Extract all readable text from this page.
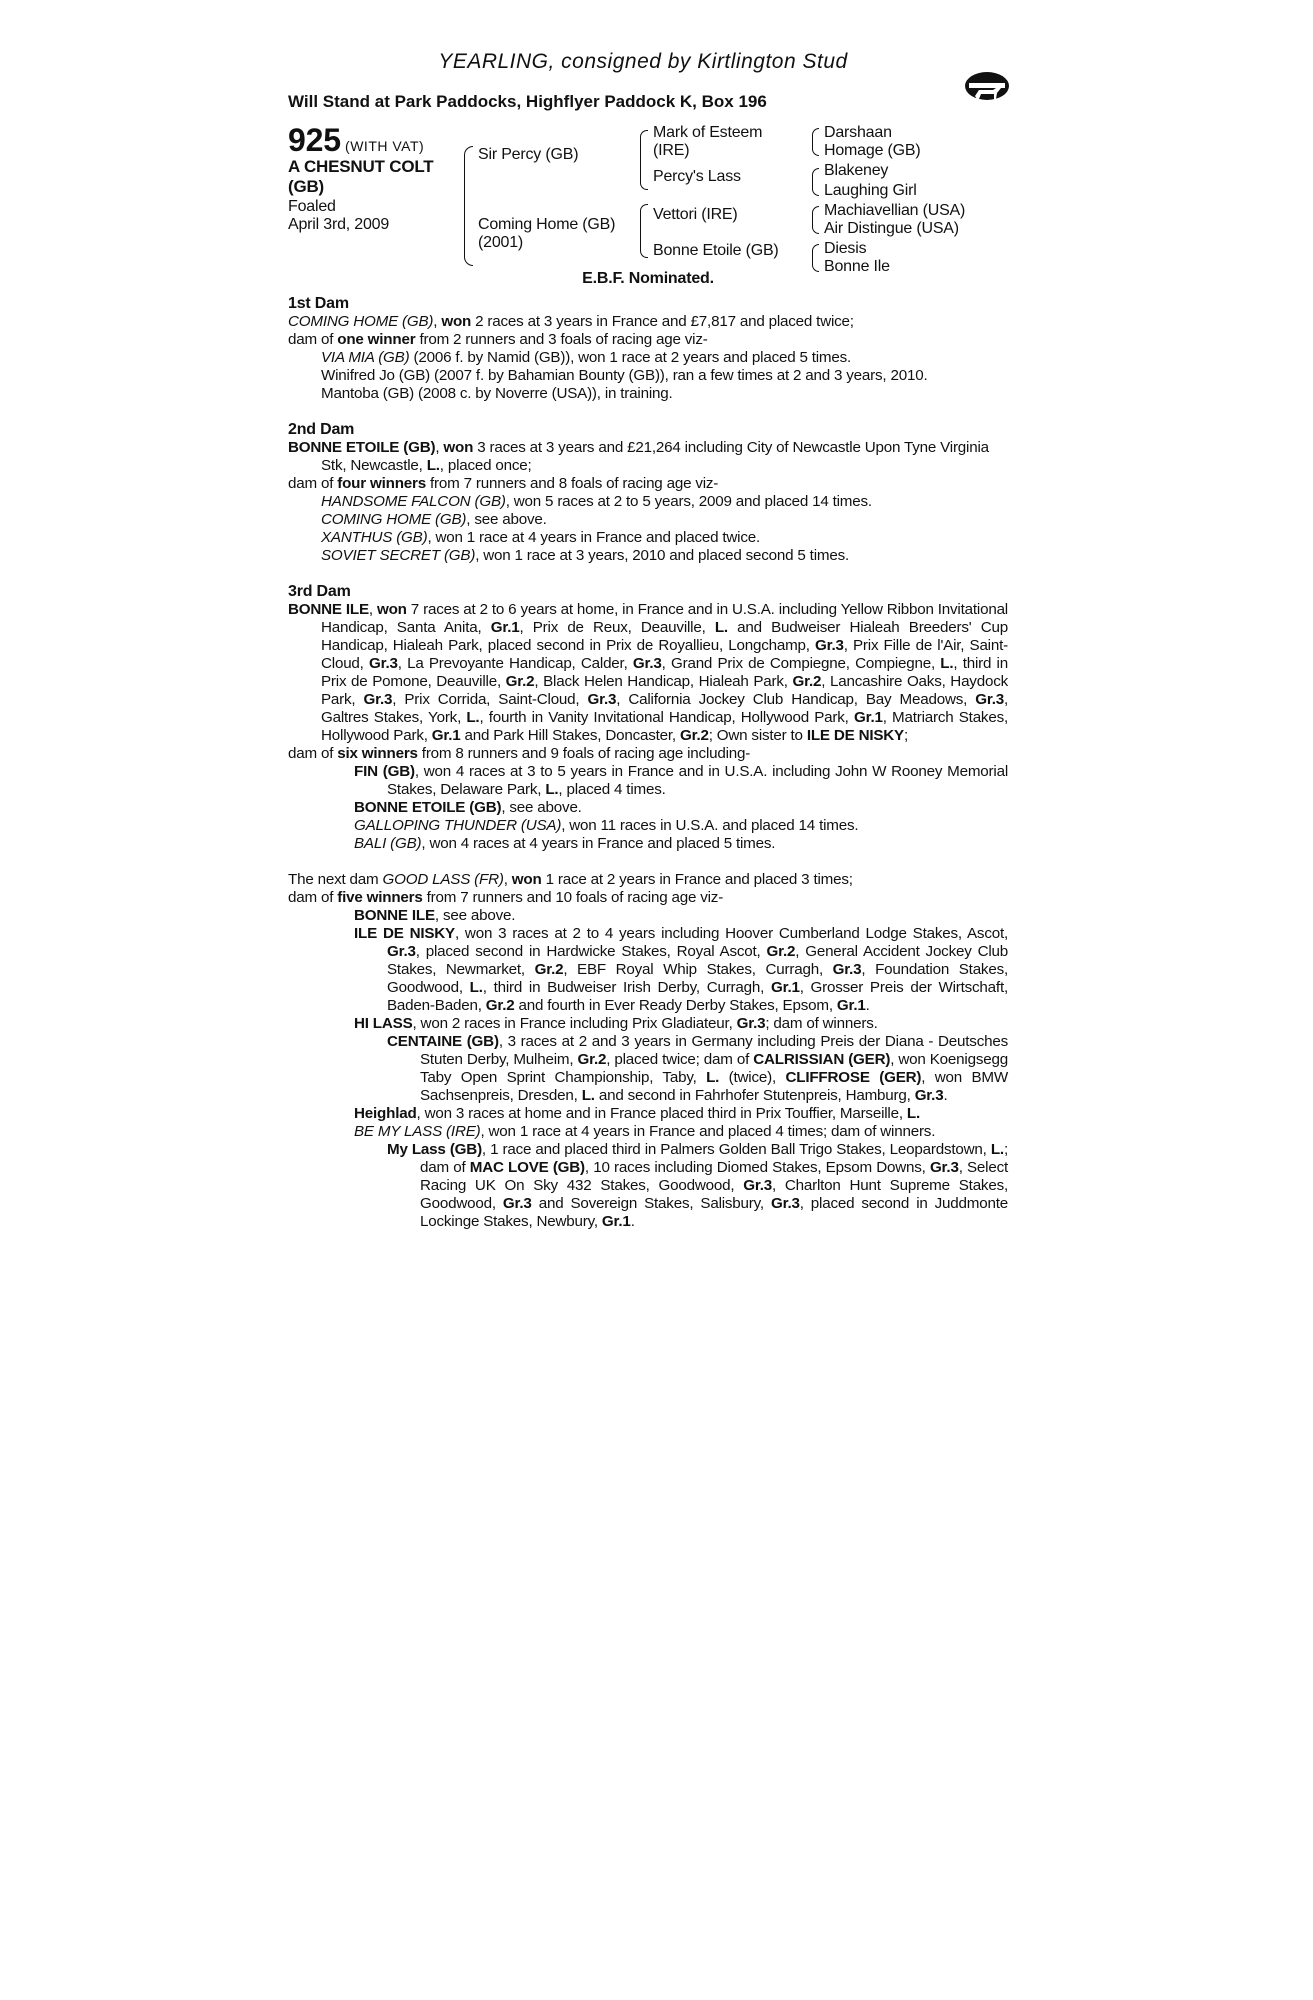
YEARLING, consigned by Kirtlington Stud
Will Stand at Park Paddocks, Highflyer Paddock K, Box 196
925 (WITH VAT)
A CHESNUT COLT
(GB)
Foaled
April 3rd, 2009
Sir Percy (GB)
Coming Home (GB)
(2001)
Mark of Esteem
(IRE)
Percy's Lass
Vettori (IRE)
Bonne Etoile (GB)
Darshaan
Homage (GB)
Blakeney
Laughing Girl
Machiavellian (USA)
Air Distingue (USA)
Diesis
Bonne Ile
E.B.F. Nominated.
1st Dam

COMING HOME (GB), won 2 races at 3 years in France and £7,817 and placed twice;

dam of one winner from 2 runners and 3 foals of racing age viz-

VIA MIA (GB) (2006 f. by Namid (GB)), won 1 race at 2 years and placed 5 times.

Winifred Jo (GB) (2007 f. by Bahamian Bounty (GB)), ran a few times at 2 and 3 years, 2010.

Mantoba (GB) (2008 c. by Noverre (USA)), in training.

2nd Dam

BONNE ETOILE (GB), won 3 races at 3 years and £21,264 including City of Newcastle Upon Tyne Virginia Stk, Newcastle, L., placed once;

dam of four winners from 7 runners and 8 foals of racing age viz-

HANDSOME FALCON (GB), won 5 races at 2 to 5 years, 2009 and placed 14 times.

COMING HOME (GB), see above.

XANTHUS (GB), won 1 race at 4 years in France and placed twice.

SOVIET SECRET (GB), won 1 race at 3 years, 2010 and placed second 5 times.

3rd Dam

BONNE ILE, won 7 races at 2 to 6 years at home, in France and in U.S.A. including Yellow Ribbon Invitational Handicap, Santa Anita, Gr.1, Prix de Reux, Deauville, L. and Budweiser Hialeah Breeders' Cup Handicap, Hialeah Park, placed second in Prix de Royallieu, Longchamp, Gr.3, Prix Fille de l'Air, Saint-Cloud, Gr.3, La Prevoyante Handicap, Calder, Gr.3, Grand Prix de Compiegne, Compiegne, L., third in Prix de Pomone, Deauville, Gr.2, Black Helen Handicap, Hialeah Park, Gr.2, Lancashire Oaks, Haydock Park, Gr.3, Prix Corrida, Saint-Cloud, Gr.3, California Jockey Club Handicap, Bay Meadows, Gr.3, Galtres Stakes, York, L., fourth in Vanity Invitational Handicap, Hollywood Park, Gr.1, Matriarch Stakes, Hollywood Park, Gr.1 and Park Hill Stakes, Doncaster, Gr.2; Own sister to ILE DE NISKY;

dam of six winners from 8 runners and 9 foals of racing age including-

FIN (GB), won 4 races at 3 to 5 years in France and in U.S.A. including John W Rooney Memorial Stakes, Delaware Park, L., placed 4 times.

BONNE ETOILE (GB), see above.

GALLOPING THUNDER (USA), won 11 races in U.S.A. and placed 14 times.

BALI (GB), won 4 races at 4 years in France and placed 5 times.

The next dam GOOD LASS (FR), won 1 race at 2 years in France and placed 3 times;

dam of five winners from 7 runners and 10 foals of racing age viz-

BONNE ILE, see above.

ILE DE NISKY, won 3 races at 2 to 4 years including Hoover Cumberland Lodge Stakes, Ascot, Gr.3, placed second in Hardwicke Stakes, Royal Ascot, Gr.2, General Accident Jockey Club Stakes, Newmarket, Gr.2, EBF Royal Whip Stakes, Curragh, Gr.3, Foundation Stakes, Goodwood, L., third in Budweiser Irish Derby, Curragh, Gr.1, Grosser Preis der Wirtschaft, Baden-Baden, Gr.2 and fourth in Ever Ready Derby Stakes, Epsom, Gr.1.

HI LASS, won 2 races in France including Prix Gladiateur, Gr.3; dam of winners.

CENTAINE (GB), 3 races at 2 and 3 years in Germany including Preis der Diana - Deutsches Stuten Derby, Mulheim, Gr.2, placed twice; dam of CALRISSIAN (GER), won Koenigsegg Taby Open Sprint Championship, Taby, L. (twice), CLIFFROSE (GER), won BMW Sachsenpreis, Dresden, L. and second in Fahrhofer Stutenpreis, Hamburg, Gr.3.

Heighlad, won 3 races at home and in France placed third in Prix Touffier, Marseille, L.

BE MY LASS (IRE), won 1 race at 4 years in France and placed 4 times; dam of winners.

My Lass (GB), 1 race and placed third in Palmers Golden Ball Trigo Stakes, Leopardstown, L.; dam of MAC LOVE (GB), 10 races including Diomed Stakes, Epsom Downs, Gr.3, Select Racing UK On Sky 432 Stakes, Goodwood, Gr.3, Charlton Hunt Supreme Stakes, Goodwood, Gr.3 and Sovereign Stakes, Salisbury, Gr.3, placed second in Juddmonte Lockinge Stakes, Newbury, Gr.1.
